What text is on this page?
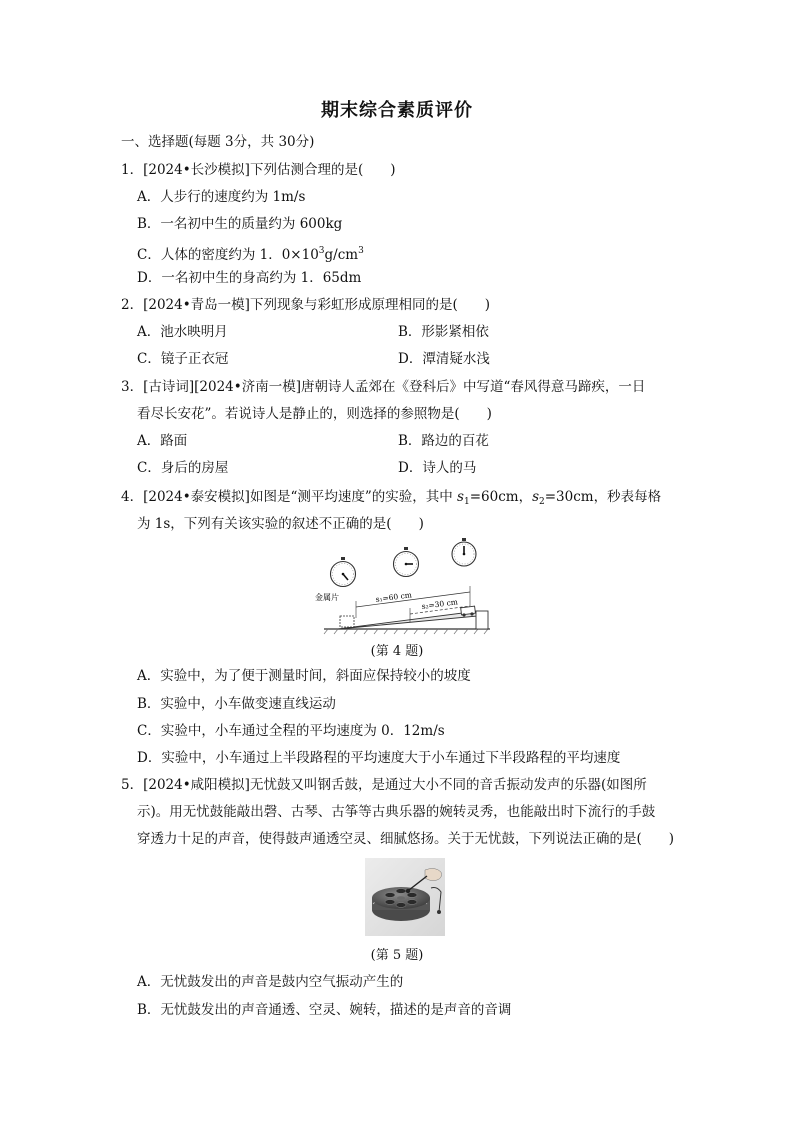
期末综合素质评价
一、选择题(每题 3分，共 30分)
1．[2024•长沙模拟]下列估测合理的是(　　)
A．人步行的速度约为 1m/s
B．一名初中生的质量约为 600kg
C．人体的密度约为 1．$0\times 10^3g/cm^3$
D．一名初中生的身高约为 1．65dm
2．[2024•青岛一模]下列现象与彩虹形成原理相同的是(　　)
A．池水映明月	B．形影紧相依
C．镜子正衣冠	D．潭清疑水浅
3．[古诗词][2024•济南一模]唐朝诗人孟郊在《登科后》中写道“春风得意马蹄疾，一日
看尽长安花”。若说诗人是静止的，则选择的参照物是(　　)
A．路面	B．路边的百花
C．身后的房屋	D．诗人的马
4．[2024•泰安模拟]如图是“测平均速度”的实验，其中 $s_1=60cm$，$s_2=30cm$，秒表每格
为 1s，下列有关该实验的叙述不正确的是(　　)
s₁=60 cm
s₂=30 cm
金属片
(第 4 题)
A．实验中，为了便于测量时间，斜面应保持较小的坡度
B．实验中，小车做变速直线运动
C．实验中，小车通过全程的平均速度为 0．12m/s
D．实验中，小车通过上半段路程的平均速度大于小车通过下半段路程的平均速度
5．[2024•咸阳模拟]无忧鼓又叫钢舌鼓，是通过大小不同的音舌振动发声的乐器(如图所
示)。用无忧鼓能敲出磬、古琴、古筝等古典乐器的婉转灵秀，也能敲出时下流行的手鼓
穿透力十足的声音，使得鼓声通透空灵、细腻悠扬。关于无忧鼓，下列说法正确的是(　　)
(第 5 题)
A．无忧鼓发出的声音是鼓内空气振动产生的
B．无忧鼓发出的声音通透、空灵、婉转，描述的是声音的音调
